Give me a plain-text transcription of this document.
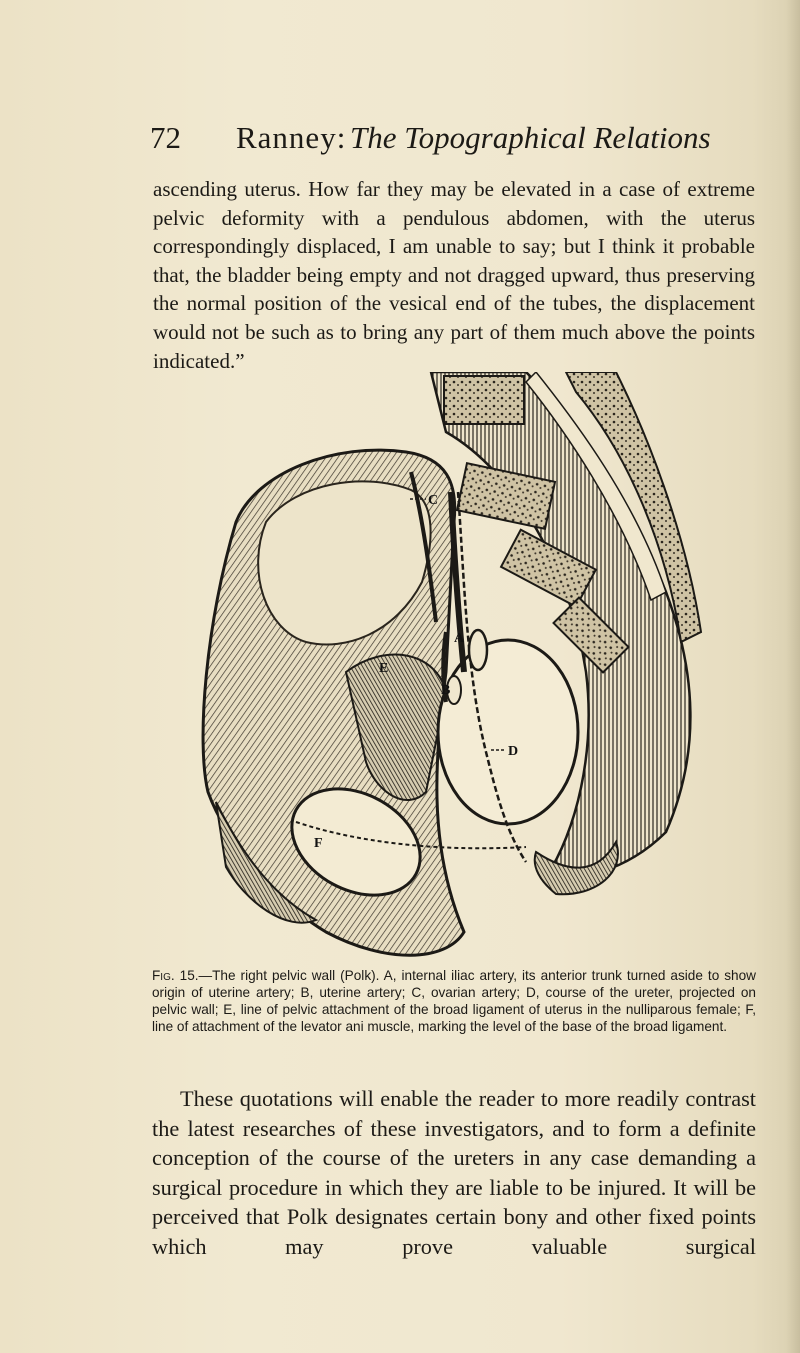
72 Ranney: The Topographical Relations

ascending uterus. How far they may be elevated in a case of extreme pelvic deformity with a pendulous abdomen, with the uterus correspondingly displaced, I am unable to say; but I think it probable that, the bladder being empty and not dragged upward, thus preserving the normal position of the vesical end of the tubes, the displacement would not be such as to bring any part of them much above the points indicated.”

C
A
E
B
D
F

Fig. 15.—The right pelvic wall (Polk). A, internal iliac artery, its anterior trunk turned aside to show origin of uterine artery; B, uterine artery; C, ovarian artery; D, course of the ureter, projected on pelvic wall; E, line of pelvic attachment of the broad ligament of uterus in the nulliparous female; F, line of attachment of the levator ani muscle, marking the level of the base of the broad ligament.

These quotations will enable the reader to more readily contrast the latest researches of these investigators, and to form a definite conception of the course of the ureters in any case demanding a surgical procedure in which they are liable to be injured. It will be perceived that Polk designates certain bony and other fixed points which may prove valuable surgical
